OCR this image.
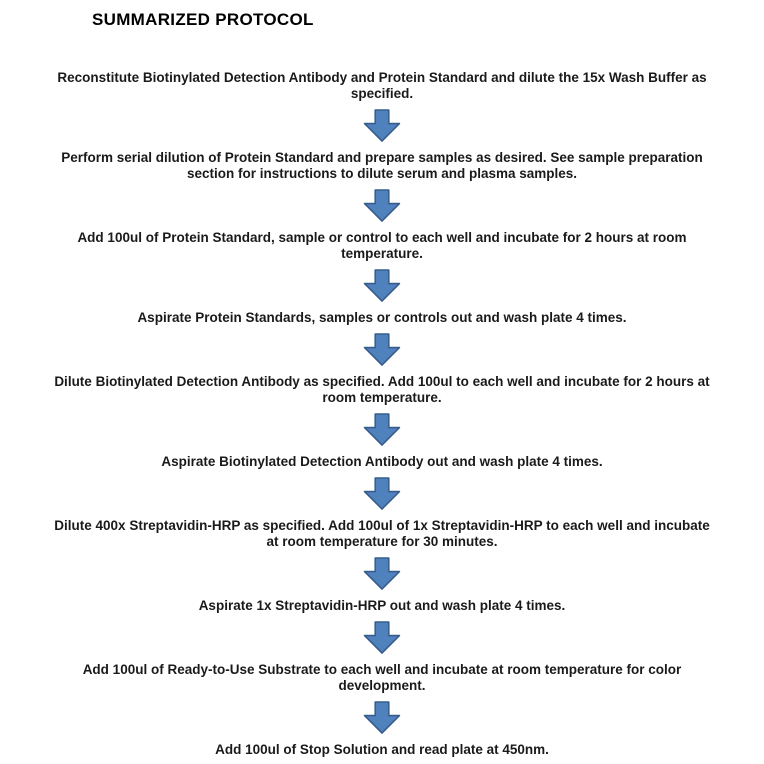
SUMMARIZED PROTOCOL

Reconstitute Biotinylated Detection Antibody and Protein Standard and dilute the 15x Wash Buffer as specified.

Perform serial dilution of Protein Standard and prepare samples as desired. See sample preparation section for instructions to dilute serum and plasma samples.

Add 100ul of Protein Standard, sample or control to each well and incubate for 2 hours at room temperature.

Aspirate Protein Standards, samples or controls out and wash plate 4 times.

Dilute Biotinylated Detection Antibody as specified. Add 100ul to each well and incubate for 2 hours at room temperature.

Aspirate Biotinylated Detection Antibody out and wash plate 4 times.

Dilute 400x Streptavidin-HRP as specified. Add 100ul of 1x Streptavidin-HRP to each well and incubate at room temperature for 30 minutes.

Aspirate 1x Streptavidin-HRP out and wash plate 4 times.

Add 100ul of Ready-to-Use Substrate to each well and incubate at room temperature for color development.

Add 100ul of Stop Solution and read plate at 450nm.
